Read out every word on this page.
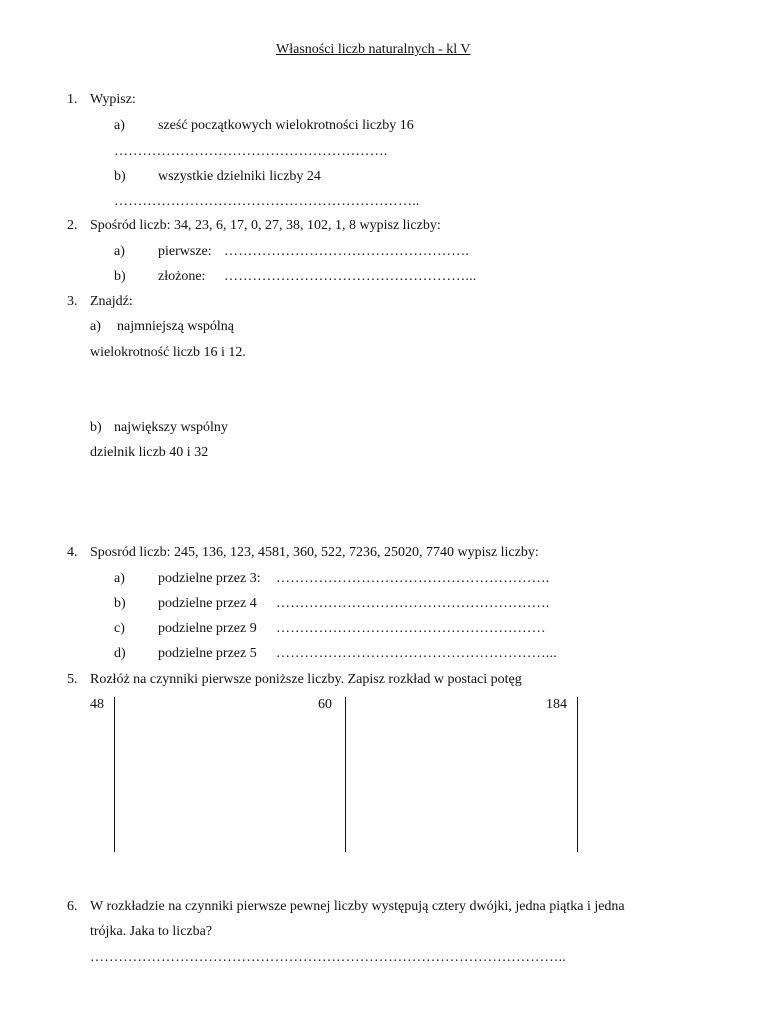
Własności liczb naturalnych - kl V
1. Wypisz:
a) sześć początkowych wielokrotności liczby 16
………………………………………………….
b) wszystkie dzielniki liczby 24
………………………………………………………..
2. Spośród liczb: 34, 23, 6, 17, 0, 27, 38, 102, 1, 8 wypisz liczby:
a) pierwsze: …………………………………………….
b) złożone: ……………………………………………...
3. Znajdź:
a) najmniejszą wspólną
wielokrotność liczb 16 i 12.
b) największy wspólny
dzielnik liczb 40 i 32
4. Sposród liczb: 245, 136, 123, 4581, 360, 522, 7236, 25020, 7740 wypisz liczby:
a) podzielne przez 3: ………………………………………………….
b) podzielne przez 4 ………………………………………………….
c) podzielne przez 9 …………………………………………………
d) podzielne przez 5 …………………………………………………...
5. Rozłóż na czynniki pierwsze poniższe liczby. Zapisz rozkład w postaci potęg
48	60	184
6. W rozkładzie na czynniki pierwsze pewnej liczby występują cztery dwójki, jedna piątka i jedna
trójka. Jaka to liczba?
………………………………………………………………………………………..
